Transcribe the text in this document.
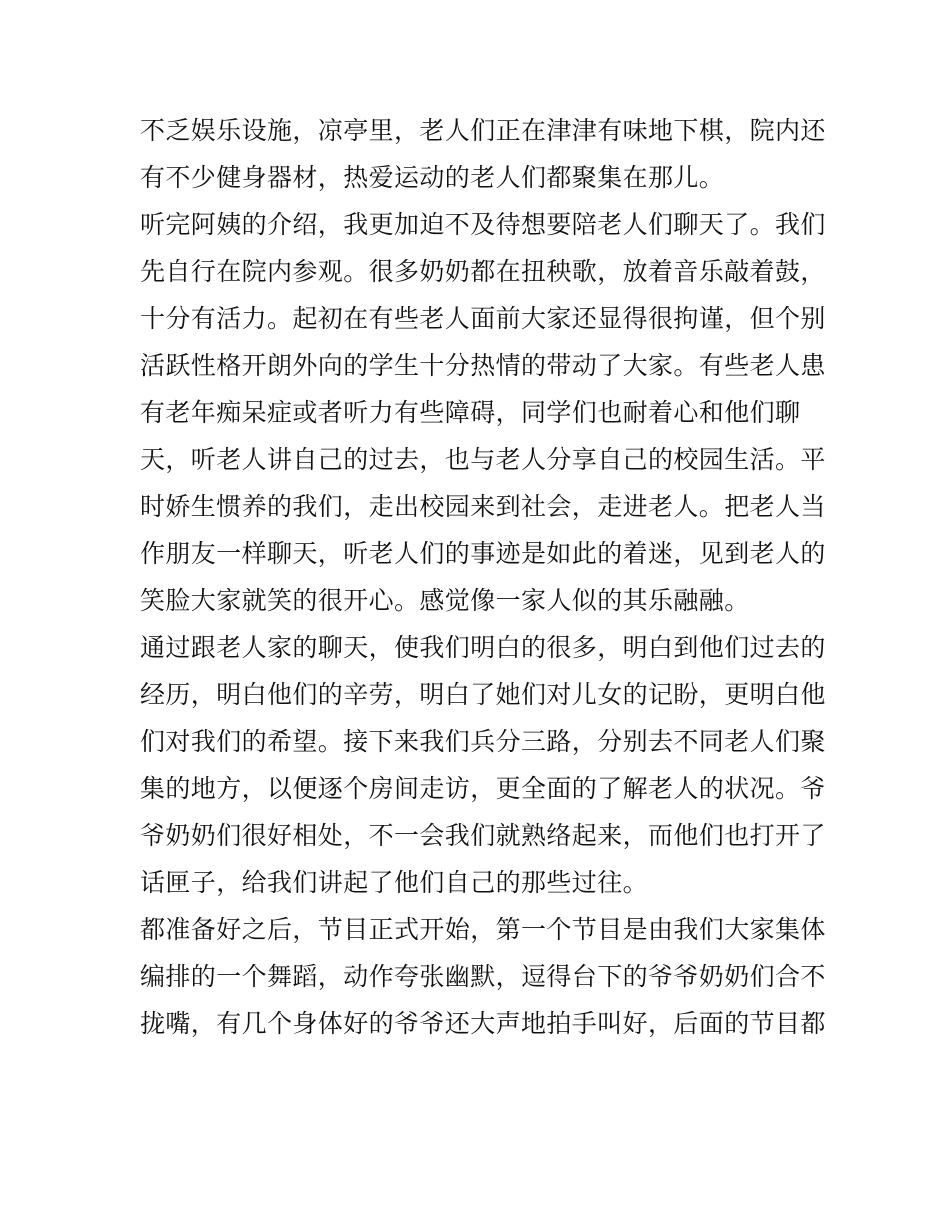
不乏娱乐设施，凉亭里，老人们正在津津有味地下棋，院内还
有不少健身器材，热爱运动的老人们都聚集在那儿。
听完阿姨的介绍，我更加迫不及待想要陪老人们聊天了。我们
先自行在院内参观。很多奶奶都在扭秧歌，放着音乐敲着鼓，
十分有活力。起初在有些老人面前大家还显得很拘谨，但个别
活跃性格开朗外向的学生十分热情的带动了大家。有些老人患
有老年痴呆症或者听力有些障碍，同学们也耐着心和他们聊
天，听老人讲自己的过去，也与老人分享自己的校园生活。平
时娇生惯养的我们，走出校园来到社会，走进老人。把老人当
作朋友一样聊天，听老人们的事迹是如此的着迷，见到老人的
笑脸大家就笑的很开心。感觉像一家人似的其乐融融。
通过跟老人家的聊天，使我们明白的很多，明白到他们过去的
经历，明白他们的辛劳，明白了她们对儿女的记盼，更明白他
们对我们的希望。接下来我们兵分三路，分别去不同老人们聚
集的地方，以便逐个房间走访，更全面的了解老人的状况。爷
爷奶奶们很好相处，不一会我们就熟络起来，而他们也打开了
话匣子，给我们讲起了他们自己的那些过往。
都准备好之后，节目正式开始，第一个节目是由我们大家集体
编排的一个舞蹈，动作夸张幽默，逗得台下的爷爷奶奶们合不
拢嘴，有几个身体好的爷爷还大声地拍手叫好，后面的节目都
